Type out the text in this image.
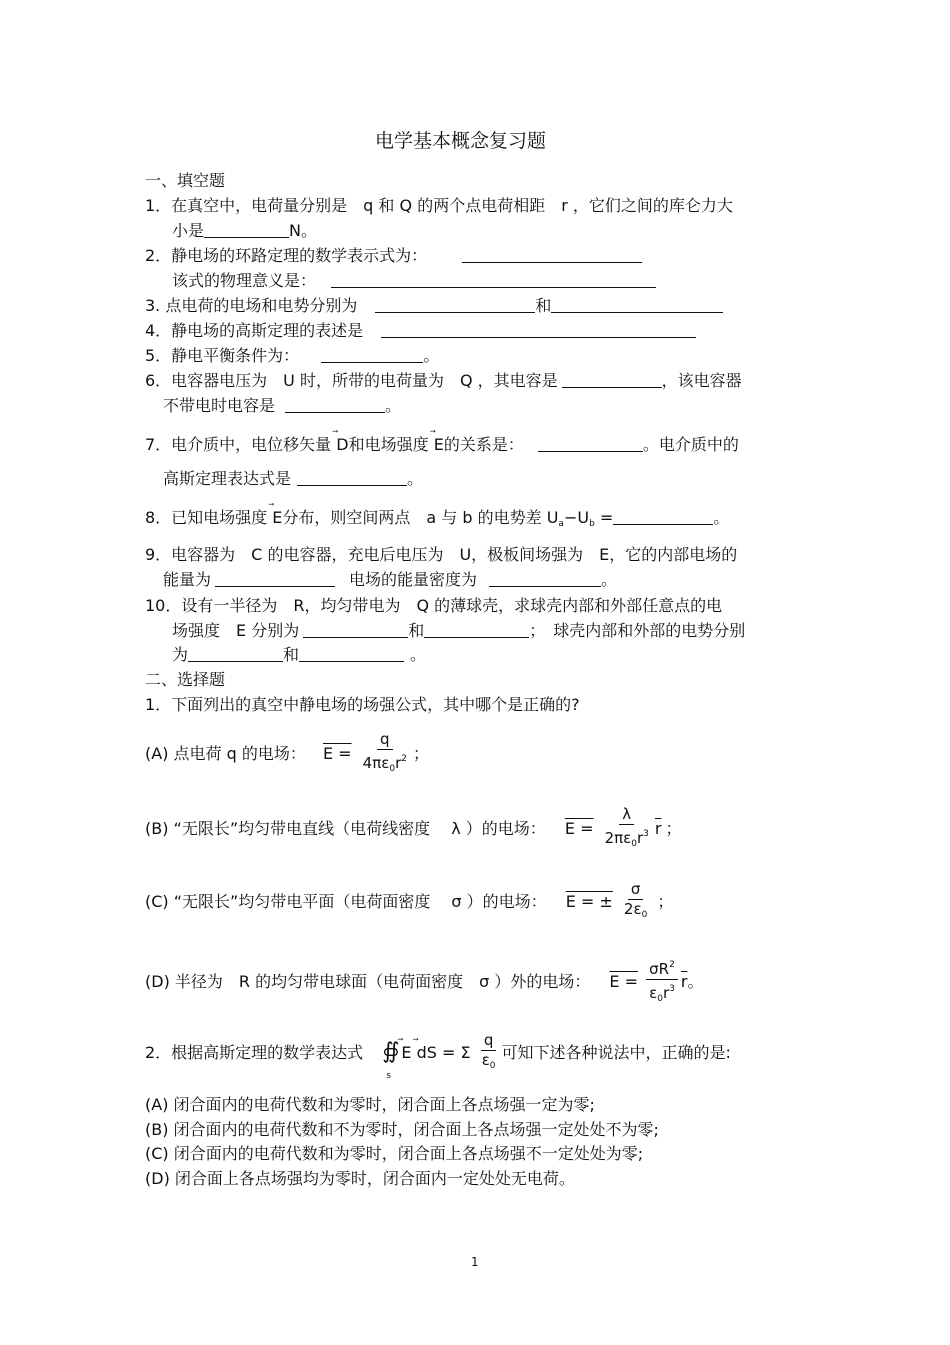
电学基本概念复习题
一、填空题
1．在真空中，电荷量分别是　q 和 Q 的两个点电荷相距　r ，它们之间的库仑力大
小是	N。
2．静电场的环路定理的数学表示式为：
该式的物理意义是：
3. 点电荷的电场和电势分别为	和
4．静电场的高斯定理的表述是
5．静电平衡条件为：	。
6．电容器电压为　U 时，所带的电荷量为　Q ，其电容是	，该电容器
不带电时电容是	。
7．电介质中，电位移矢量 ⃗ D和电场强度 ⃗ E的关系是：	。电介质中的
高斯定理表达式是	。
8．已知电场强度 ⃗ E分布，则空间两点　a 与 b 的电势差 $U_a-U_b$ =	。
9．电容器为　C 的电容器，充电后电压为　U，极板间场强为　E，它的内部电场的
能量为	电场的能量密度为	。
10．设有一半径为　R，均匀带电为　Q 的薄球壳，求球壳内部和外部任意点的电
场强度　E 分别为	和	；　球壳内部和外部的电势分别
为	和	。
二、选择题
1．下面列出的真空中静电场的场强公式，其中哪个是正确的?
(A) 点电荷 q 的电场： $E = \frac{q}{4\pi\varepsilon_0r^2}$ ；
(B) “无限长”均匀带电直线（电荷线密度　 λ ）的电场： $E = \frac{\lambda}{2\pi\varepsilon_0r^3} \overline{r}$ ；
(C) “无限长”均匀带电平面（电荷面密度　 σ ）的电场： E = ± $\frac{\sigma}{2\varepsilon_0}$ ；
(D) 半径为　R 的均匀带电球面（电荷面密度　σ ）外的电场： $E = \frac{\sigma R^2}{\varepsilon_0r^3} \overline{r}$。
2．根据高斯定理的数学表达式 ∯
s
⃗ E ⃗ dS = Σ $\frac{q}{\varepsilon_0}$ 可知下述各种说法中，正确的是:
(A) 闭合面内的电荷代数和为零时，闭合面上各点场强一定为零;
(B) 闭合面内的电荷代数和不为零时，闭合面上各点场强一定处处不为零;
(C) 闭合面内的电荷代数和为零时，闭合面上各点场强不一定处处为零;
(D) 闭合面上各点场强均为零时，闭合面内一定处处无电荷。
1
